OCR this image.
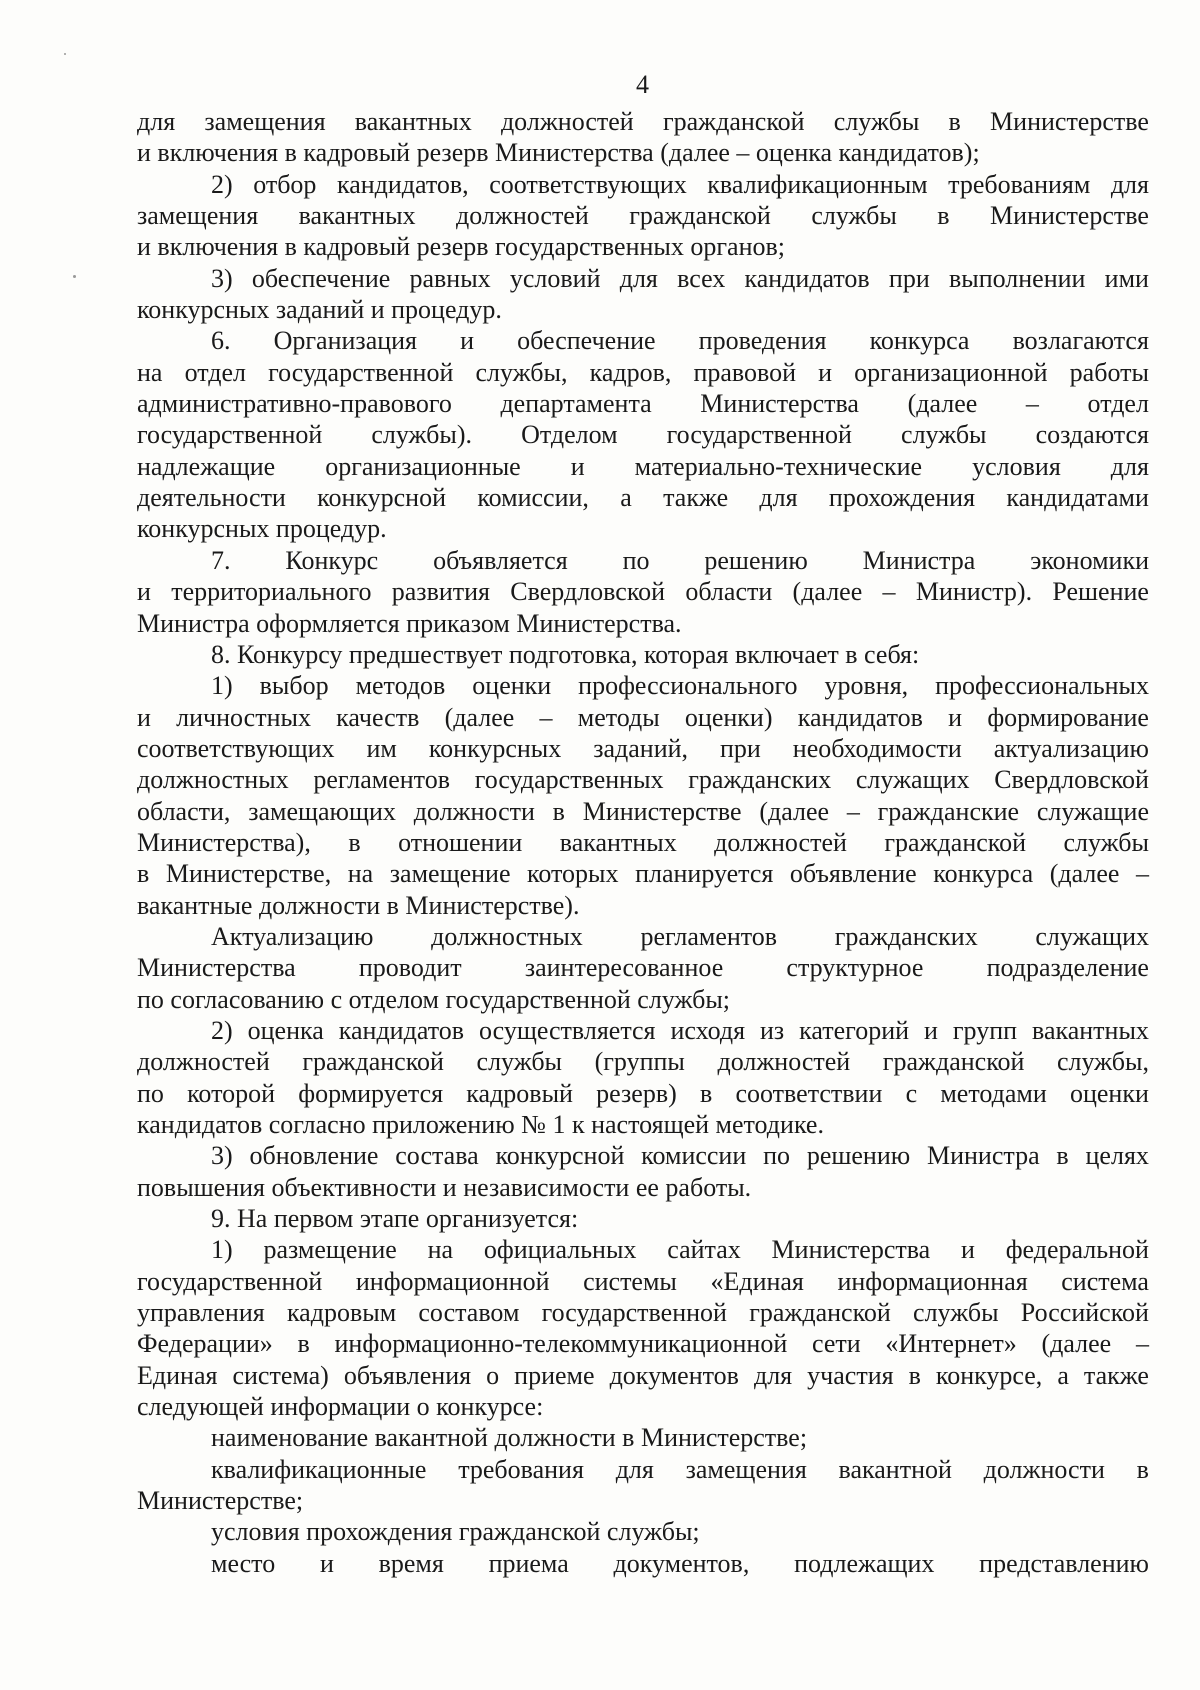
4
для замещения вакантных должностей гражданской службы в Министерстве
и включения в кадровый резерв Министерства (далее – оценка кандидатов);
2) отбор кандидатов, соответствующих квалификационным требованиям для
замещения вакантных должностей гражданской службы в Министерстве
и включения в кадровый резерв государственных органов;
3) обеспечение равных условий для всех кандидатов при выполнении ими
конкурсных заданий и процедур.
6. Организация и обеспечение проведения конкурса возлагаются
на отдел государственной службы, кадров, правовой и организационной работы
административно-правового департамента Министерства (далее – отдел
государственной службы). Отделом государственной службы создаются
надлежащие организационные и материально-технические условия для
деятельности конкурсной комиссии, а также для прохождения кандидатами
конкурсных процедур.
7. Конкурс объявляется по решению Министра экономики
и территориального развития Свердловской области (далее – Министр). Решение
Министра оформляется приказом Министерства.
8. Конкурсу предшествует подготовка, которая включает в себя:
1) выбор методов оценки профессионального уровня, профессиональных
и личностных качеств (далее – методы оценки) кандидатов и формирование
соответствующих им конкурсных заданий, при необходимости актуализацию
должностных регламентов государственных гражданских служащих Свердловской
области, замещающих должности в Министерстве (далее – гражданские служащие
Министерства), в отношении вакантных должностей гражданской службы
в Министерстве, на замещение которых планируется объявление конкурса (далее –
вакантные должности в Министерстве).
Актуализацию должностных регламентов гражданских служащих
Министерства проводит заинтересованное структурное подразделение
по согласованию с отделом государственной службы;
2) оценка кандидатов осуществляется исходя из категорий и групп вакантных
должностей гражданской службы (группы должностей гражданской службы,
по которой формируется кадровый резерв) в соответствии с методами оценки
кандидатов согласно приложению № 1 к настоящей методике.
3) обновление состава конкурсной комиссии по решению Министра в целях
повышения объективности и независимости ее работы.
9. На первом этапе организуется:
1) размещение на официальных сайтах Министерства и федеральной
государственной информационной системы «Единая информационная система
управления кадровым составом государственной гражданской службы Российской
Федерации» в информационно-телекоммуникационной сети «Интернет» (далее –
Единая система) объявления о приеме документов для участия в конкурсе, а также
следующей информации о конкурсе:
наименование вакантной должности в Министерстве;
квалификационные требования для замещения вакантной должности в
Министерстве;
условия прохождения гражданской службы;
место и время приема документов, подлежащих представлению
